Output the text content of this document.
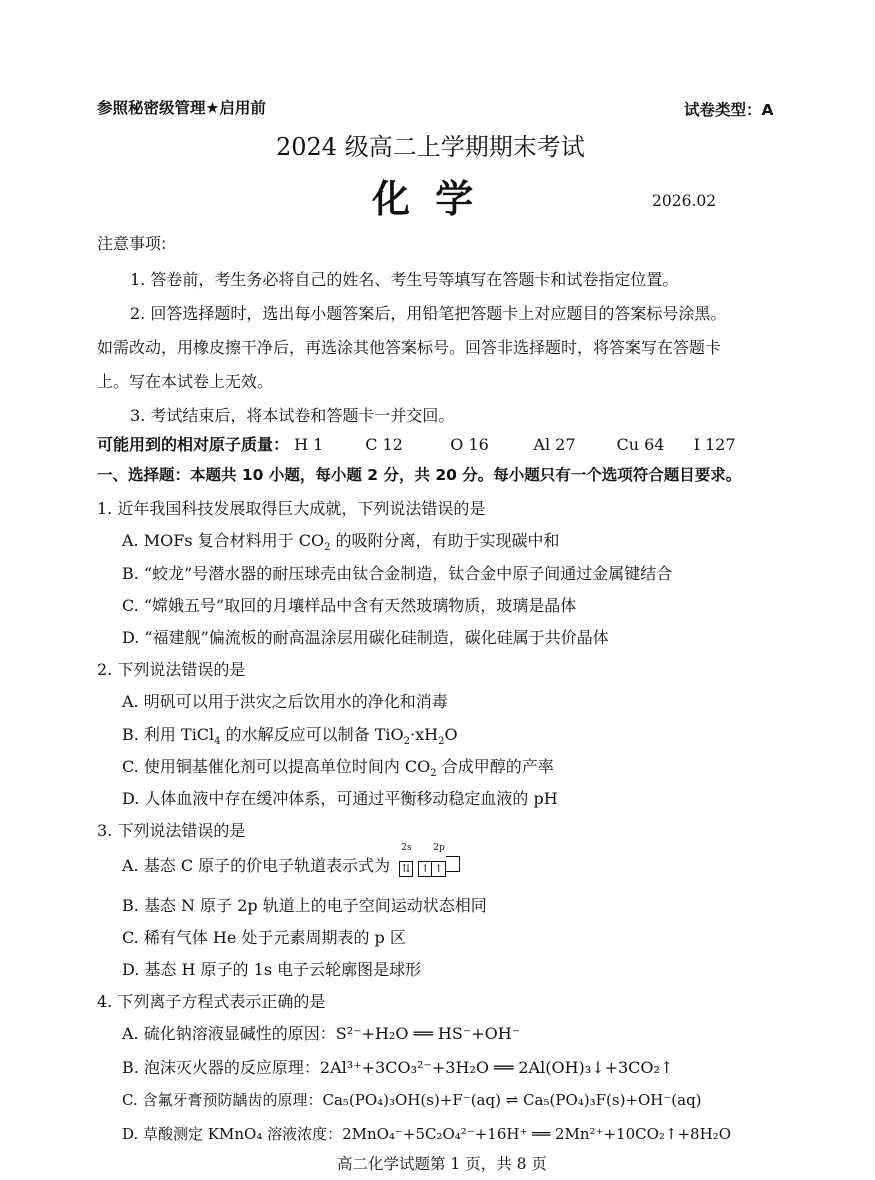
参照秘密级管理★启用前	试卷类型：A
2024 级高二上学期期末考试
化 学	2026.02
注意事项:
1. 答卷前，考生务必将自己的姓名、考生号等填写在答题卡和试卷指定位置。
2. 回答选择题时，选出每小题答案后，用铅笔把答题卡上对应题目的答案标号涂黑。
如需改动，用橡皮擦干净后，再选涂其他答案标号。回答非选择题时，将答案写在答题卡
上。写在本试卷上无效。
3. 考试结束后，将本试卷和答题卡一并交回。
可能用到的相对原子质量： H 1	C 12	O 16	Al 27	Cu 64 I 127
一、选择题：本题共 10 小题，每小题 2 分，共 20 分。每小题只有一个选项符合题目要求。
1. 近年我国科技发展取得巨大成就，下列说法错误的是
A. MOFs 复合材料用于 $CO_2$ 的吸附分离，有助于实现碳中和
B. “蛟龙”号潜水器的耐压球壳由钛合金制造，钛合金中原子间通过金属键结合
C. “嫦娥五号”取回的月壤样品中含有天然玻璃物质，玻璃是晶体
D. “福建舰”偏流板的耐高温涂层用碳化硅制造，碳化硅属于共价晶体
2. 下列说法错误的是
A. 明矾可以用于洪灾之后饮用水的净化和消毒
B. 利用 TiCl$_4$ 的水解反应可以制备 $TiO_2\cdot xH_2O$
C. 使用铜基催化剂可以提高单位时间内 $CO_2$ 合成甲醇的产率
D. 人体血液中存在缓冲体系，可通过平衡移动稳定血液的 pH
3. 下列说法错误的是
A. 基态 C 原子的价电子轨道表示式为
2s 2p
⇅ ↿ ↿
B. 基态 N 原子 2p 轨道上的电子空间运动状态相同
C. 稀有气体 He 处于元素周期表的 p 区
D. 基态 H 原子的 1s 电子云轮廓图是球形
4. 下列离子方程式表示正确的是
A. 硫化钠溶液显碱性的原因：S²⁻+H₂O ══ HS⁻+OH⁻
B. 泡沫灭火器的反应原理：2Al³⁺+3CO₃²⁻+3H₂O ══ 2Al(OH)₃↓+3CO₂↑
C. 含氟牙膏预防龋齿的原理：Ca₅(PO₄)₃OH(s)+F⁻(aq) ⇌ Ca₅(PO₄)₃F(s)+OH⁻(aq)
D. 草酸测定 KMnO₄ 溶液浓度：2MnO₄⁻+5C₂O₄²⁻+16H⁺ ══ 2Mn²⁺+10CO₂↑+8H₂O
高二化学试题第 1 页，共 8 页
